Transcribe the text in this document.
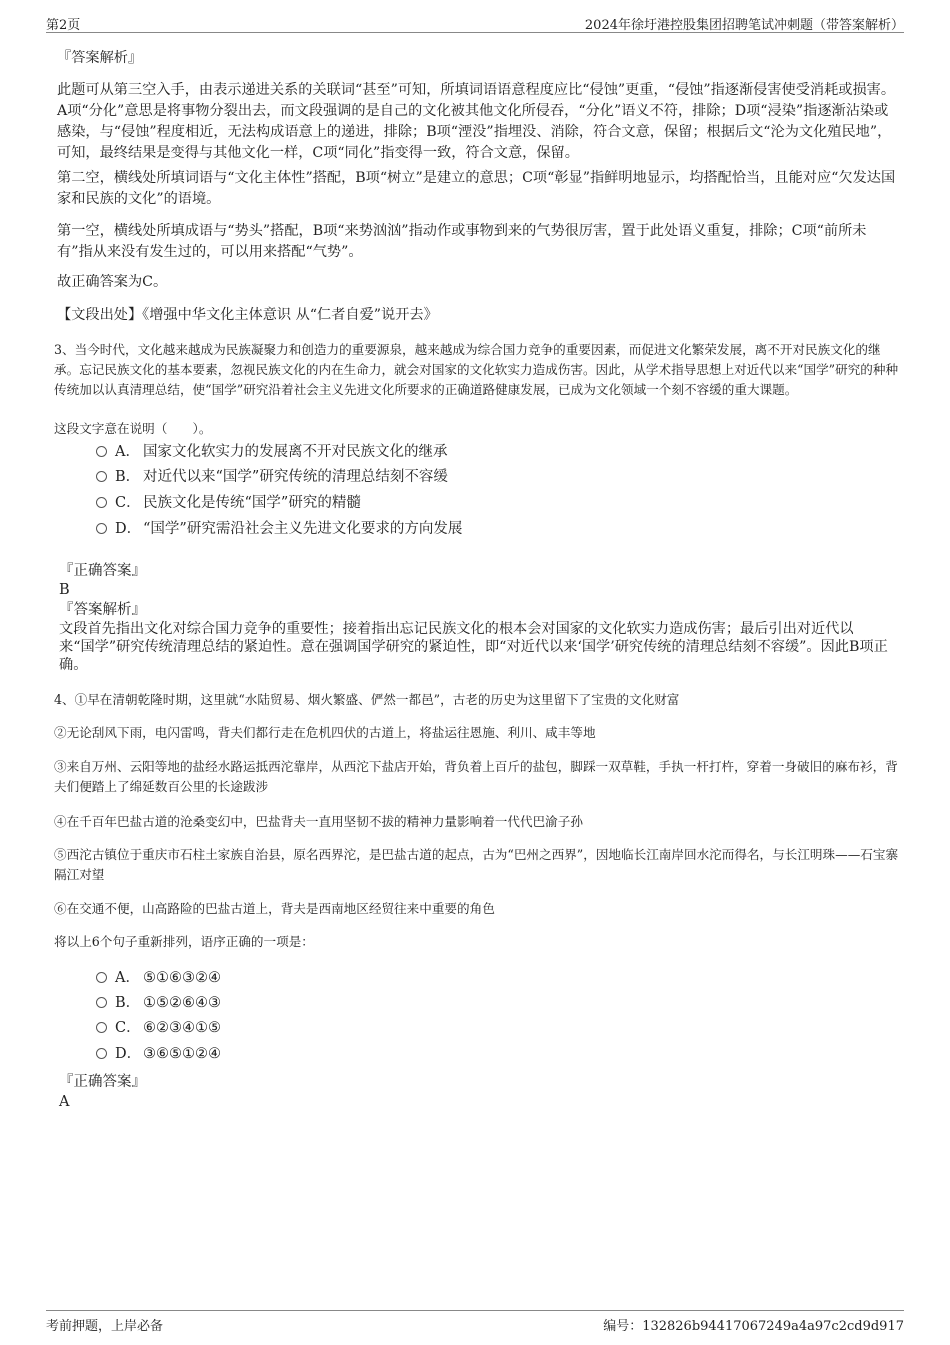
第2页	2024年徐圩港控股集团招聘笔试冲刺题（带答案解析）
『答案解析』
此题可从第三空入手，由表示递进关系的关联词“甚至”可知，所填词语语意程度应比“侵蚀”更重，“侵蚀”指逐渐侵害使受消耗或损害。A项“分化”意思是将事物分裂出去，而文段强调的是自己的文化被其他文化所侵吞，“分化”语义不符，排除；D项“浸染”指逐渐沾染或感染，与“侵蚀”程度相近，无法构成语意上的递进，排除；B项“湮没”指埋没、消除，符合文意，保留；根据后文“沦为文化殖民地”，可知，最终结果是变得与其他文化一样，C项“同化”指变得一致，符合文意，保留。
第二空，横线处所填词语与“文化主体性”搭配，B项“树立”是建立的意思；C项“彰显”指鲜明地显示，均搭配恰当，且能对应“欠发达国家和民族的文化”的语境。
第一空，横线处所填成语与“势头”搭配，B项“来势汹汹”指动作或事物到来的气势很厉害，置于此处语义重复，排除；C项“前所未有”指从来没有发生过的，可以用来搭配“气势”。
故正确答案为C。
【文段出处】《增强中华文化主体意识 从“仁者自爱”说开去》
3、当今时代，文化越来越成为民族凝聚力和创造力的重要源泉，越来越成为综合国力竞争的重要因素，而促进文化繁荣发展，离不开对民族文化的继承。忘记民族文化的基本要素，忽视民族文化的内在生命力，就会对国家的文化软实力造成伤害。因此，从学术指导思想上对近代以来“国学”研究的种种传统加以认真清理总结，使“国学”研究沿着社会主义先进文化所要求的正确道路健康发展，已成为文化领域一个刻不容缓的重大课题。
这段文字意在说明（　　）。
A． 国家文化软实力的发展离不开对民族文化的继承
B． 对近代以来“国学”研究传统的清理总结刻不容缓
C． 民族文化是传统“国学”研究的精髓
D． “国学”研究需沿社会主义先进文化要求的方向发展
『正确答案』
B
『答案解析』
文段首先指出文化对综合国力竞争的重要性；接着指出忘记民族文化的根本会对国家的文化软实力造成伤害；最后引出对近代以来“国学”研究传统清理总结的紧迫性。意在强调国学研究的紧迫性，即“对近代以来‘国学’研究传统的清理总结刻不容缓”。因此B项正确。
4、①早在清朝乾隆时期，这里就“水陆贸易、烟火繁盛、俨然一都邑”，古老的历史为这里留下了宝贵的文化财富
②无论刮风下雨，电闪雷鸣，背夫们都行走在危机四伏的古道上，将盐运往恩施、利川、咸丰等地
③来自万州、云阳等地的盐经水路运抵西沱靠岸，从西沱下盐店开始，背负着上百斤的盐包，脚踩一双草鞋，手执一杆打杵，穿着一身破旧的麻布衫，背夫们便踏上了绵延数百公里的长途跋涉
④在千百年巴盐古道的沧桑变幻中，巴盐背夫一直用坚韧不拔的精神力量影响着一代代巴渝子孙
⑤西沱古镇位于重庆市石柱土家族自治县，原名西界沱，是巴盐古道的起点，古为“巴州之西界”，因地临长江南岸回水沱而得名，与长江明珠——石宝寨隔江对望
⑥在交通不便，山高路险的巴盐古道上，背夫是西南地区经贸往来中重要的角色
将以上6个句子重新排列，语序正确的一项是：
A． ⑤①⑥③②④
B． ①⑤②⑥④③
C． ⑥②③④①⑤
D． ③⑥⑤①②④
『正确答案』
A
考前押题，上岸必备	编号：132826b94417067249a4a97c2cd9d917
